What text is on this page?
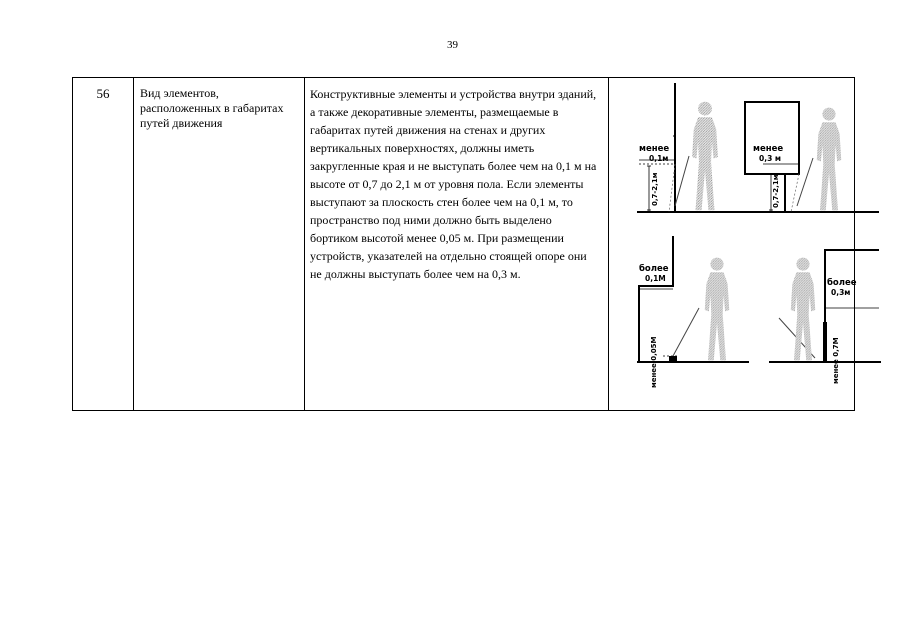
39
56	Вид элементов, расположенных в габаритах путей движения	Конструктивные элементы и устройства внутри зданий, а также декоративные элементы, размещаемые в габаритах путей движения на стенах и других вертикальных поверхностях, должны иметь закругленные края и не выступать более чем на 0,1 м на высоте от 0,7 до 2,1 м от уровня пола. Если элементы выступают за плоскость стен более чем на 0,1 м, то пространство под ними должно быть выделено бортиком высотой менее 0,05 м. При размещении устройств, указателей на отдельно стоящей опоре они не должны выступать более чем на 0,3 м.	
менее
0,1м
0,7-2,1м
менее
0,3 м
0,7-2,1м
более
0,1М
менее 0,05М
более
0,3м
менее 0,7М
